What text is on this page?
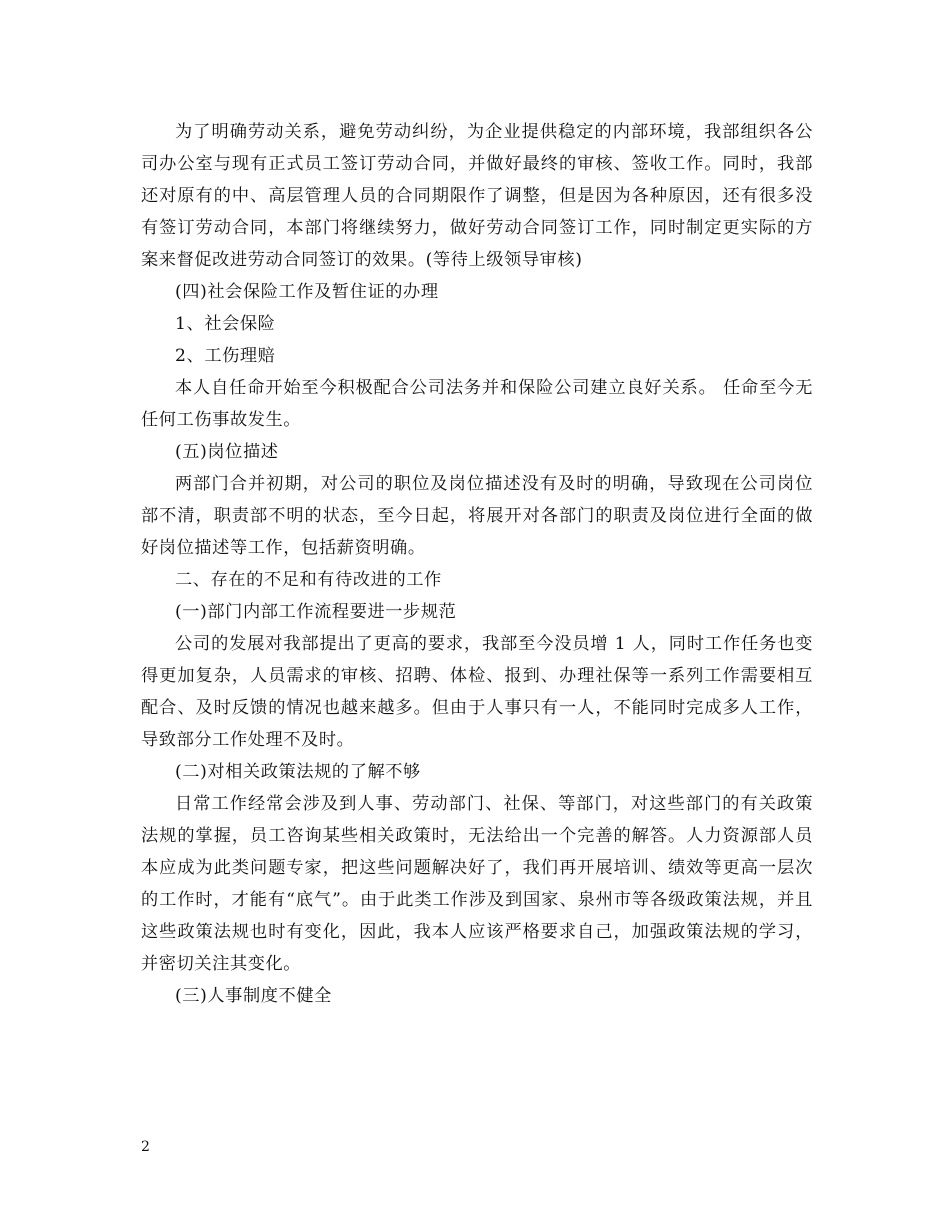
为了明确劳动关系，避免劳动纠纷，为企业提供稳定的内部环境，我部组织各公司办公室与现有正式员工签订劳动合同，并做好最终的审核、签收工作。同时，我部还对原有的中、高层管理人员的合同期限作了调整，但是因为各种原因，还有很多没有签订劳动合同，本部门将继续努力，做好劳动合同签订工作，同时制定更实际的方案来督促改进劳动合同签订的效果。(等待上级领导审核)

(四)社会保险工作及暂住证的办理

1、社会保险

2、工伤理赔

本人自任命开始至今积极配合公司法务并和保险公司建立良好关系。 任命至今无任何工伤事故发生。

(五)岗位描述

两部门合并初期，对公司的职位及岗位描述没有及时的明确，导致现在公司岗位部不清，职责部不明的状态，至今日起，将展开对各部门的职责及岗位进行全面的做好岗位描述等工作，包括薪资明确。

二、存在的不足和有待改进的工作

(一)部门内部工作流程要进一步规范

公司的发展对我部提出了更高的要求，我部至今没员增 1 人，同时工作任务也变得更加复杂，人员需求的审核、招聘、体检、报到、办理社保等一系列工作需要相互配合、及时反馈的情况也越来越多。但由于人事只有一人，不能同时完成多人工作，导致部分工作处理不及时。

(二)对相关政策法规的了解不够

日常工作经常会涉及到人事、劳动部门、社保、等部门，对这些部门的有关政策法规的掌握，员工咨询某些相关政策时，无法给出一个完善的解答。人力资源部人员本应成为此类问题专家，把这些问题解决好了，我们再开展培训、绩效等更高一层次的工作时，才能有“底气”。由于此类工作涉及到国家、泉州市等各级政策法规，并且这些政策法规也时有变化，因此，我本人应该严格要求自己，加强政策法规的学习，并密切关注其变化。

(三)人事制度不健全

2
